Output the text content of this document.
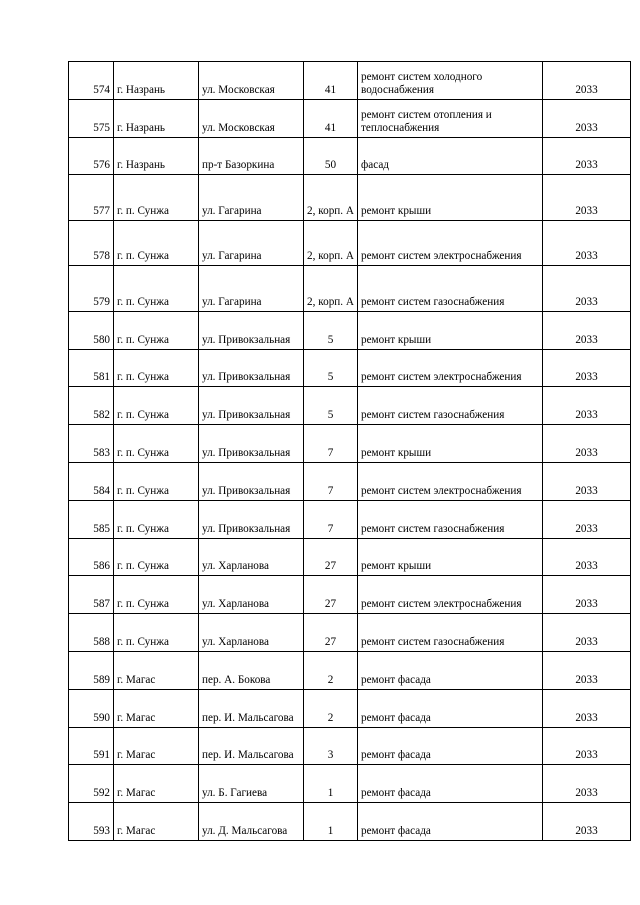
574	г. Назрань	ул. Московская	41	ремонт систем холодного водоснабжения	2033
575	г. Назрань	ул. Московская	41	ремонт систем отопления и теплоснабжения	2033
576	г. Назрань	пр-т Базоркина	50	фасад	2033
577	г. п. Сунжа	ул. Гагарина	2, корп. А	ремонт крыши	2033
578	г. п. Сунжа	ул. Гагарина	2, корп. А	ремонт систем электроснабжения	2033
579	г. п. Сунжа	ул. Гагарина	2, корп. А	ремонт систем газоснабжения	2033
580	г. п. Сунжа	ул. Привокзальная	5	ремонт крыши	2033
581	г. п. Сунжа	ул. Привокзальная	5	ремонт систем электроснабжения	2033
582	г. п. Сунжа	ул. Привокзальная	5	ремонт систем газоснабжения	2033
583	г. п. Сунжа	ул. Привокзальная	7	ремонт крыши	2033
584	г. п. Сунжа	ул. Привокзальная	7	ремонт систем электроснабжения	2033
585	г. п. Сунжа	ул. Привокзальная	7	ремонт систем газоснабжения	2033
586	г. п. Сунжа	ул. Харланова	27	ремонт крыши	2033
587	г. п. Сунжа	ул. Харланова	27	ремонт систем электроснабжения	2033
588	г. п. Сунжа	ул. Харланова	27	ремонт систем газоснабжения	2033
589	г. Магас	пер. А. Бокова	2	ремонт фасада	2033
590	г. Магас	пер. И. Мальсагова	2	ремонт фасада	2033
591	г. Магас	пер. И. Мальсагова	3	ремонт фасада	2033
592	г. Магас	ул. Б. Гагиева	1	ремонт фасада	2033
593	г. Магас	ул. Д. Мальсагова	1	ремонт фасада	2033
